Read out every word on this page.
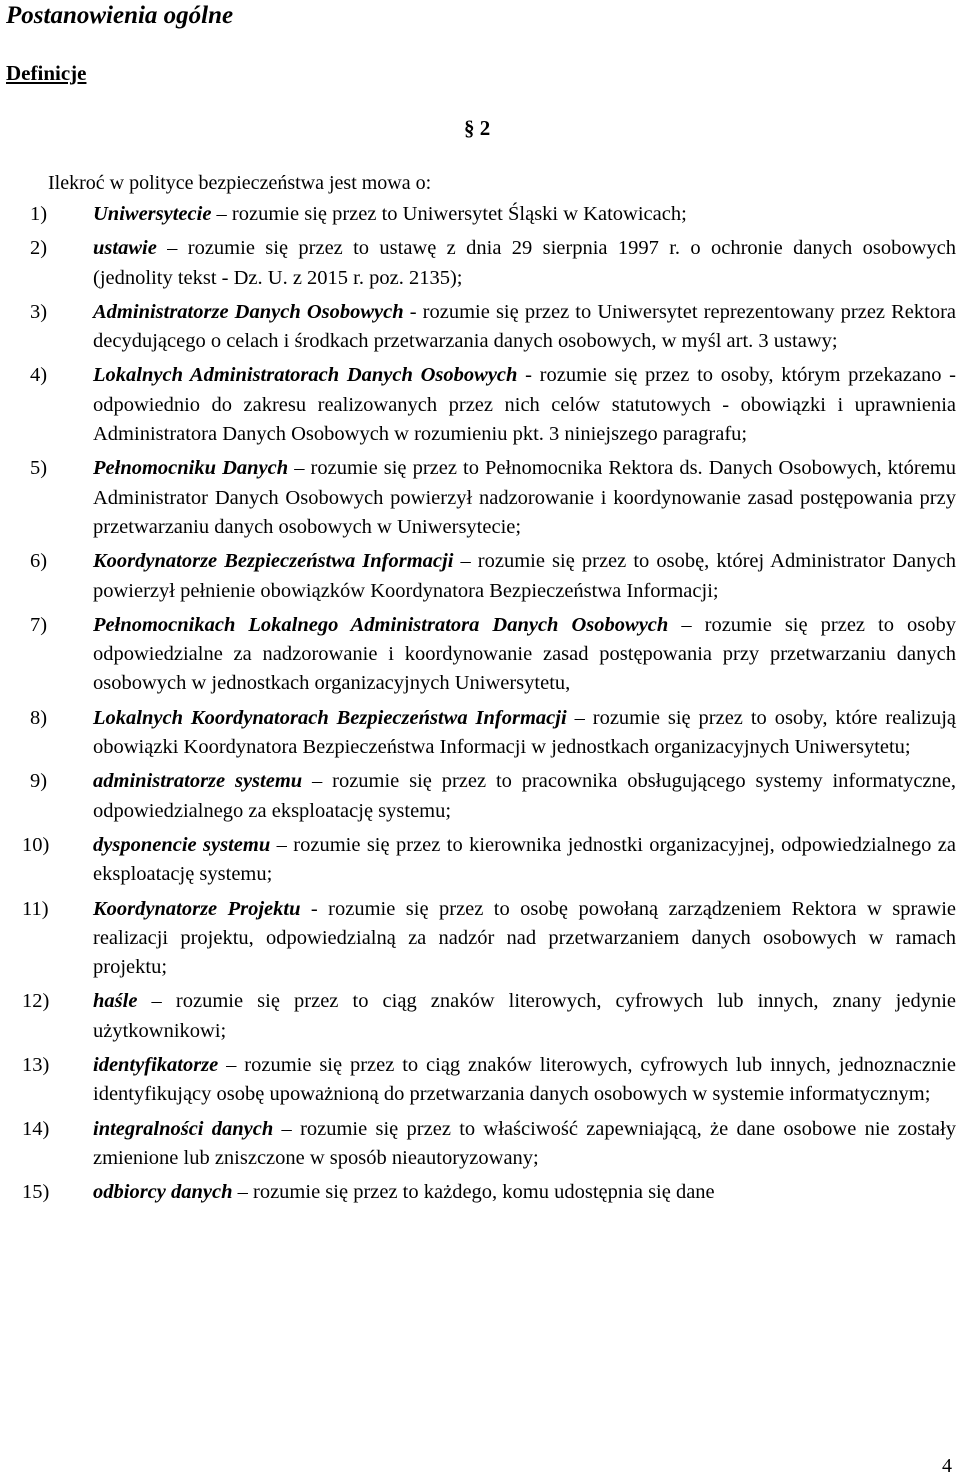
Postanowienia ogólne
Definicje
§ 2
Ilekroć w polityce bezpieczeństwa jest mowa o:
1) Uniwersytecie – rozumie się przez to Uniwersytet Śląski w Katowicach;
2) ustawie – rozumie się przez to ustawę z dnia 29 sierpnia 1997 r. o ochronie danych osobowych (jednolity tekst - Dz. U. z 2015 r. poz. 2135);
3) Administratorze Danych Osobowych - rozumie się przez to Uniwersytet reprezentowany przez Rektora decydującego o celach i środkach przetwarzania danych osobowych, w myśl art. 3 ustawy;
4) Lokalnych Administratorach Danych Osobowych - rozumie się przez to osoby, którym przekazano - odpowiednio do zakresu realizowanych przez nich celów statutowych - obowiązki i uprawnienia Administratora Danych Osobowych w rozumieniu pkt. 3 niniejszego paragrafu;
5) Pełnomocniku Danych – rozumie się przez to Pełnomocnika Rektora ds. Danych Osobowych, któremu Administrator Danych Osobowych powierzył nadzorowanie i koordynowanie zasad postępowania przy przetwarzaniu danych osobowych w Uniwersytecie;
6) Koordynatorze Bezpieczeństwa Informacji – rozumie się przez to osobę, której Administrator Danych powierzył pełnienie obowiązków Koordynatora Bezpieczeństwa Informacji;
7) Pełnomocnikach Lokalnego Administratora Danych Osobowych – rozumie się przez to osoby odpowiedzialne za nadzorowanie i koordynowanie zasad postępowania przy przetwarzaniu danych osobowych w jednostkach organizacyjnych Uniwersytetu,
8) Lokalnych Koordynatorach Bezpieczeństwa Informacji – rozumie się przez to osoby, które realizują obowiązki Koordynatora Bezpieczeństwa Informacji w jednostkach organizacyjnych Uniwersytetu;
9) administratorze systemu – rozumie się przez to pracownika obsługującego systemy informatyczne, odpowiedzialnego za eksploatację systemu;
10) dysponencie systemu – rozumie się przez to kierownika jednostki organizacyjnej, odpowiedzialnego za eksploatację systemu;
11) Koordynatorze Projektu - rozumie się przez to osobę powołaną zarządzeniem Rektora w sprawie realizacji projektu, odpowiedzialną za nadzór nad przetwarzaniem danych osobowych w ramach projektu;
12) haśle – rozumie się przez to ciąg znaków literowych, cyfrowych lub innych, znany jedynie użytkownikowi;
13) identyfikatorze – rozumie się przez to ciąg znaków literowych, cyfrowych lub innych, jednoznacznie identyfikujący osobę upoważnioną do przetwarzania danych osobowych w systemie informatycznym;
14) integralności danych – rozumie się przez to właściwość zapewniającą, że dane osobowe nie zostały zmienione lub zniszczone w sposób nieautoryzowany;
15) odbiorcy danych – rozumie się przez to każdego, komu udostępnia się dane
4
